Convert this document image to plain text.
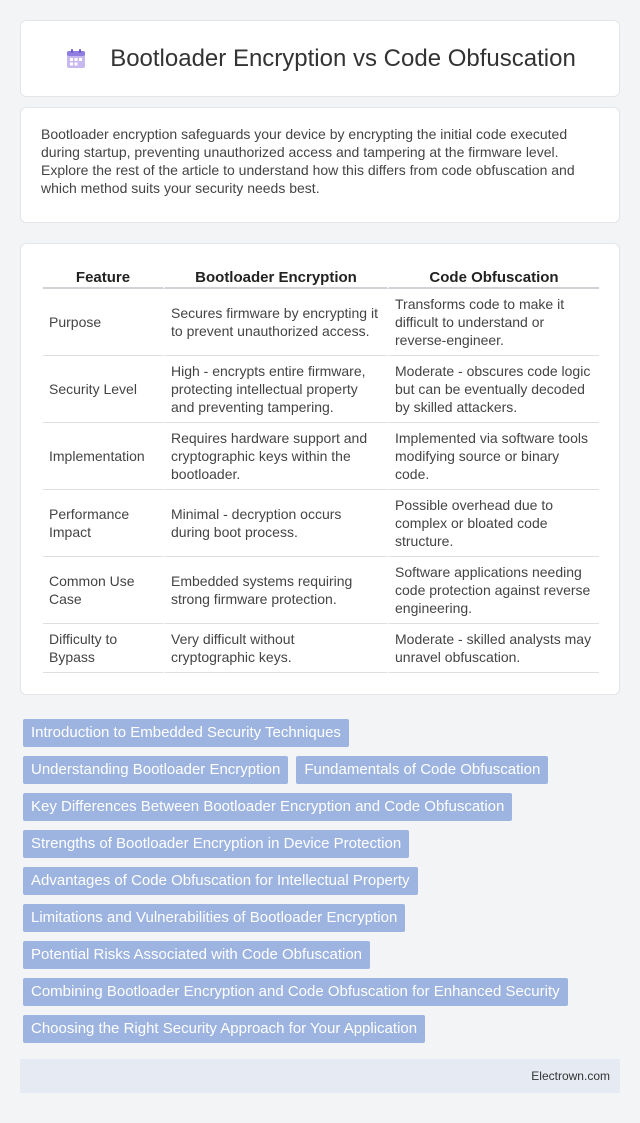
Bootloader Encryption vs Code Obfuscation

Bootloader encryption safeguards your device by encrypting the initial code executed during startup, preventing unauthorized access and tampering at the firmware level. Explore the rest of the article to understand how this differs from code obfuscation and which method suits your security needs best.

Feature	Bootloader Encryption	Code Obfuscation
Purpose	Secures firmware by encrypting it to prevent unauthorized access.	Transforms code to make it difficult to understand or reverse-engineer.
Security Level	High - encrypts entire firmware, protecting intellectual property and preventing tampering.	Moderate - obscures code logic but can be eventually decoded by skilled attackers.
Implementation	Requires hardware support and cryptographic keys within the bootloader.	Implemented via software tools modifying source or binary code.
Performance Impact	Minimal - decryption occurs during boot process.	Possible overhead due to complex or bloated code structure.
Common Use Case	Embedded systems requiring strong firmware protection.	Software applications needing code protection against reverse engineering.
Difficulty to Bypass	Very difficult without cryptographic keys.	Moderate - skilled analysts may unravel obfuscation.
Introduction to Embedded Security Techniques
Understanding Bootloader Encryption	Fundamentals of Code Obfuscation
Key Differences Between Bootloader Encryption and Code Obfuscation
Strengths of Bootloader Encryption in Device Protection
Advantages of Code Obfuscation for Intellectual Property
Limitations and Vulnerabilities of Bootloader Encryption
Potential Risks Associated with Code Obfuscation
Combining Bootloader Encryption and Code Obfuscation for Enhanced Security
Choosing the Right Security Approach for Your Application
Electrown.com
